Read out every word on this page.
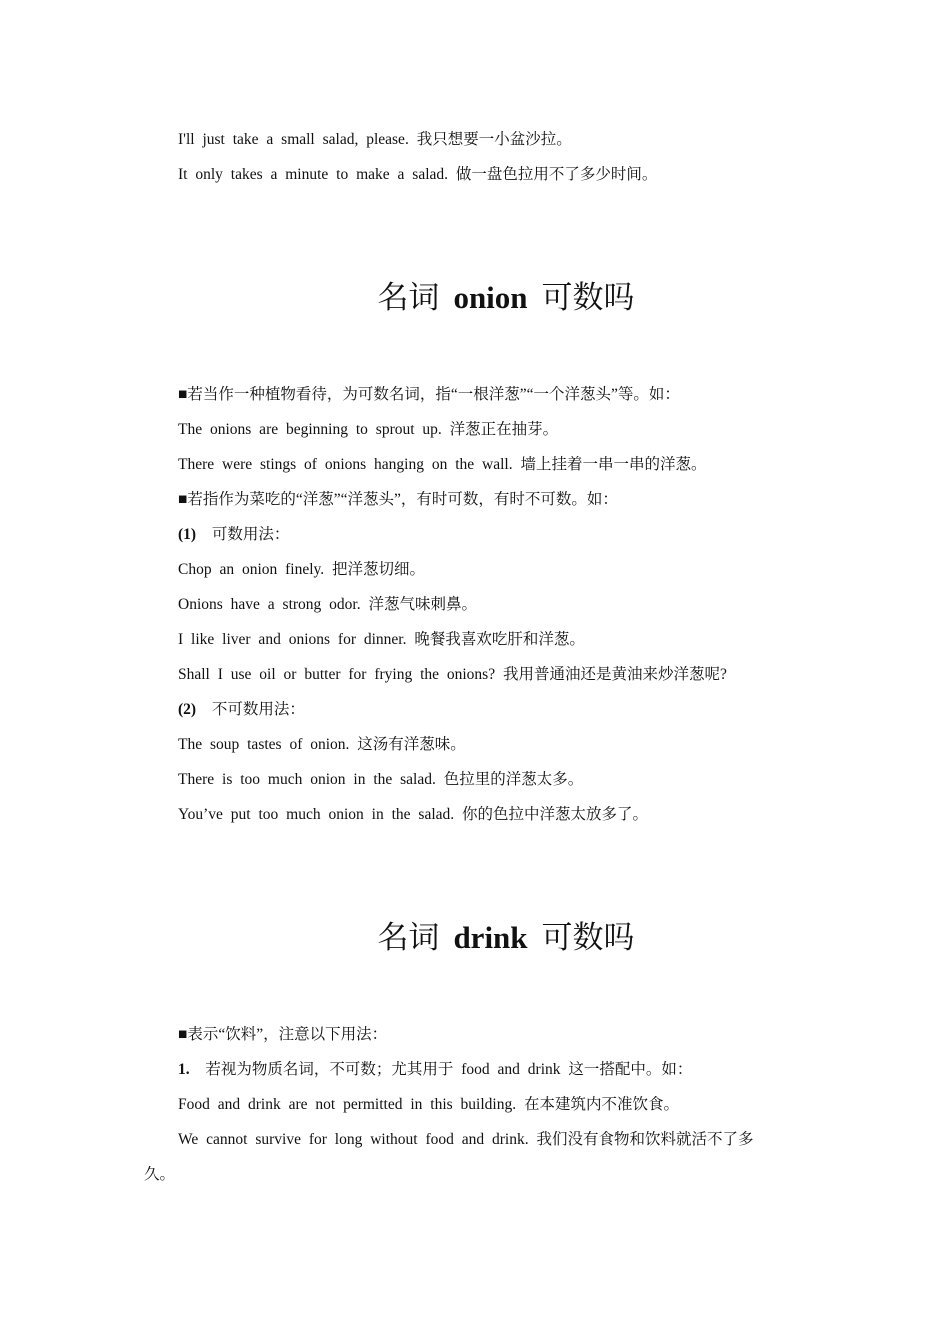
I'll just take a small salad, please. 我只想要一小盆沙拉。
It only takes a minute to make a salad. 做一盘色拉用不了多少时间。
名词 onion 可数吗
■若当作一种植物看待，为可数名词，指“一根洋葱”“一个洋葱头”等。如：
The onions are beginning to sprout up. 洋葱正在抽芽。
There were stings of onions hanging on the wall. 墙上挂着一串一串的洋葱。
■若指作为菜吃的“洋葱”“洋葱头”，有时可数，有时不可数。如：
(1) 可数用法：
Chop an onion finely. 把洋葱切细。
Onions have a strong odor. 洋葱气味刺鼻。
I like liver and onions for dinner. 晚餐我喜欢吃肝和洋葱。
Shall I use oil or butter for frying the onions? 我用普通油还是黄油来炒洋葱呢?
(2) 不可数用法：
The soup tastes of onion. 这汤有洋葱味。
There is too much onion in the salad. 色拉里的洋葱太多。
You’ve put too much onion in the salad. 你的色拉中洋葱太放多了。
名词 drink 可数吗
■表示“饮料”，注意以下用法：
1. 若视为物质名词，不可数；尤其用于 food and drink 这一搭配中。如：
Food and drink are not permitted in this building. 在本建筑内不准饮食。
We cannot survive for long without food and drink. 我们没有食物和饮料就活不了多
久。
